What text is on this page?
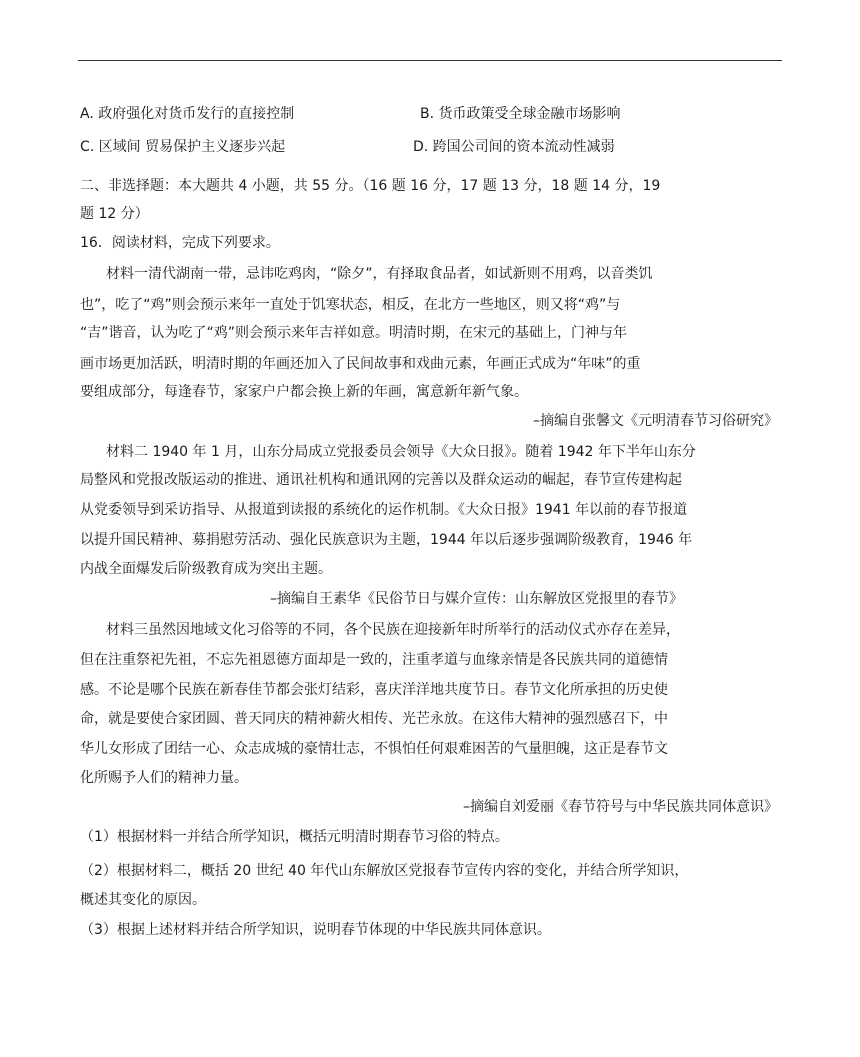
A. 政府强化对货币发行的直接控制	B. 货币政策受全球金融市场影响
C. 区域间 贸易保护主义逐步兴起	D. 跨国公司间的资本流动性减弱
二、非选择题：本大题共 4 小题，共 55 分。（16 题 16 分，17 题 13 分，18 题 14 分，19
题 12 分）
16．阅读材料，完成下列要求。
材料一清代湖南一带，忌讳吃鸡肉，“除夕”，有择取食品者，如试新则不用鸡，以音类饥
也”，吃了“鸡”则会预示来年一直处于饥寒状态，相反，在北方一些地区，则又将“鸡”与
“吉”谐音，认为吃了“鸡”则会预示来年吉祥如意。明清时期，在宋元的基础上，门神与年
画市场更加活跃，明清时期的年画还加入了民间故事和戏曲元素，年画正式成为“年味”的重
要组成部分，每逢春节，家家户户都会换上新的年画，寓意新年新气象。
–摘编自张馨文《元明清春节习俗研究》
材料二 1940 年 1 月，山东分局成立党报委员会领导《大众日报》。随着 1942 年下半年山东分
局整风和党报改版运动的推进、通讯社机构和通讯网的完善以及群众运动的崛起，春节宣传建构起
从党委领导到采访指导、从报道到读报的系统化的运作机制。《大众日报》1941 年以前的春节报道
以提升国民精神、募捐慰劳活动、强化民族意识为主题，1944 年以后逐步强调阶级教育，1946 年
内战全面爆发后阶级教育成为突出主题。
–摘编自王素华《民俗节日与媒介宣传：山东解放区党报里的春节》
材料三虽然因地域文化习俗等的不同，各个民族在迎接新年时所举行的活动仪式亦存在差异，
但在注重祭祀先祖，不忘先祖恩德方面却是一致的，注重孝道与血缘亲情是各民族共同的道德情
感。不论是哪个民族在新春佳节都会张灯结彩，喜庆洋洋地共度节日。春节文化所承担的历史使
命，就是要使合家团圆、普天同庆的精神薪火相传、光芒永放。在这伟大精神的强烈感召下，中
华儿女形成了团结一心、众志成城的豪情壮志，不惧怕任何艰难困苦的气量胆魄，这正是春节文
化所赐予人们的精神力量。
–摘编自刘爱丽《春节符号与中华民族共同体意识》
（1）根据材料一并结合所学知识，概括元明清时期春节习俗的特点。
（2）根据材料二，概括 20 世纪 40 年代山东解放区党报春节宣传内容的变化，并结合所学知识，
概述其变化的原因。
（3）根据上述材料并结合所学知识，说明春节体现的中华民族共同体意识。
